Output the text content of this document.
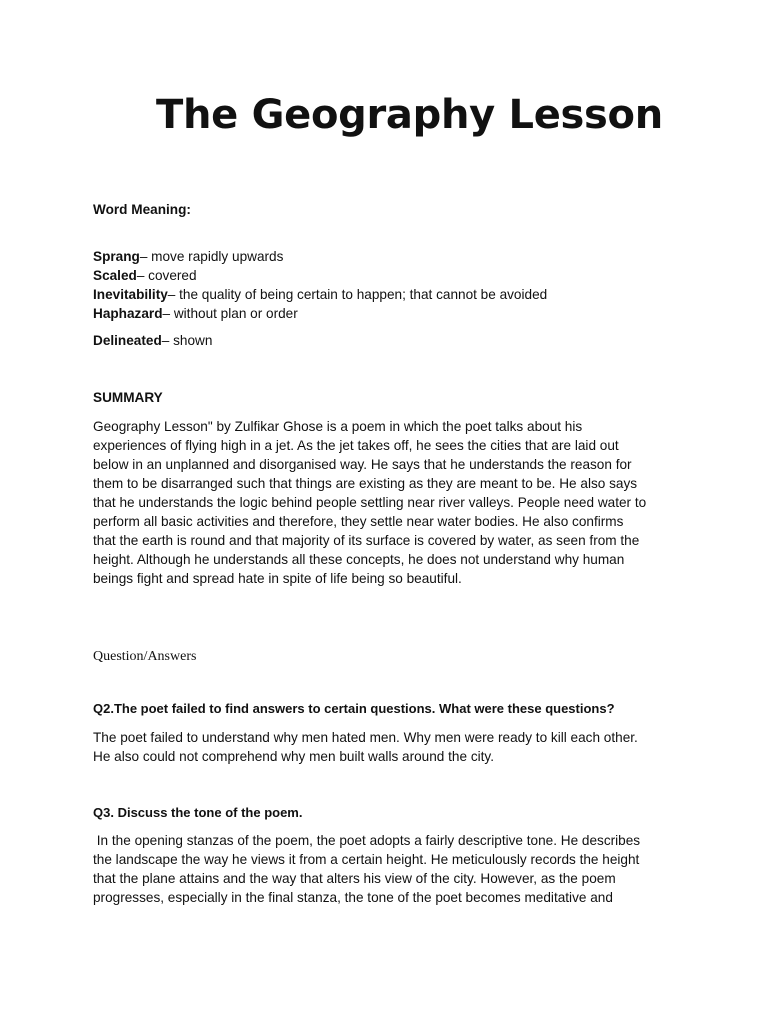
The Geography Lesson
Word Meaning:
Sprang– move rapidly upwards
Scaled– covered
Inevitability– the quality of being certain to happen; that cannot be avoided
Haphazard– without plan or order
Delineated– shown
SUMMARY
Geography Lesson" by Zulfikar Ghose is a poem in which the poet talks about his
experiences of flying high in a jet. As the jet takes off, he sees the cities that are laid out
below in an unplanned and disorganised way. He says that he understands the reason for
them to be disarranged such that things are existing as they are meant to be. He also says
that he understands the logic behind people settling near river valleys. People need water to
perform all basic activities and therefore, they settle near water bodies. He also confirms
that the earth is round and that majority of its surface is covered by water, as seen from the
height. Although he understands all these concepts, he does not understand why human
beings fight and spread hate in spite of life being so beautiful.
Question/Answers
Q2.The poet failed to find answers to certain questions. What were these questions?
The poet failed to understand why men hated men. Why men were ready to kill each other.
He also could not comprehend why men built walls around the city.
Q3. Discuss the tone of the poem.
In the opening stanzas of the poem, the poet adopts a fairly descriptive tone. He describes
the landscape the way he views it from a certain height. He meticulously records the height
that the plane attains and the way that alters his view of the city. However, as the poem
progresses, especially in the final stanza, the tone of the poet becomes meditative and
